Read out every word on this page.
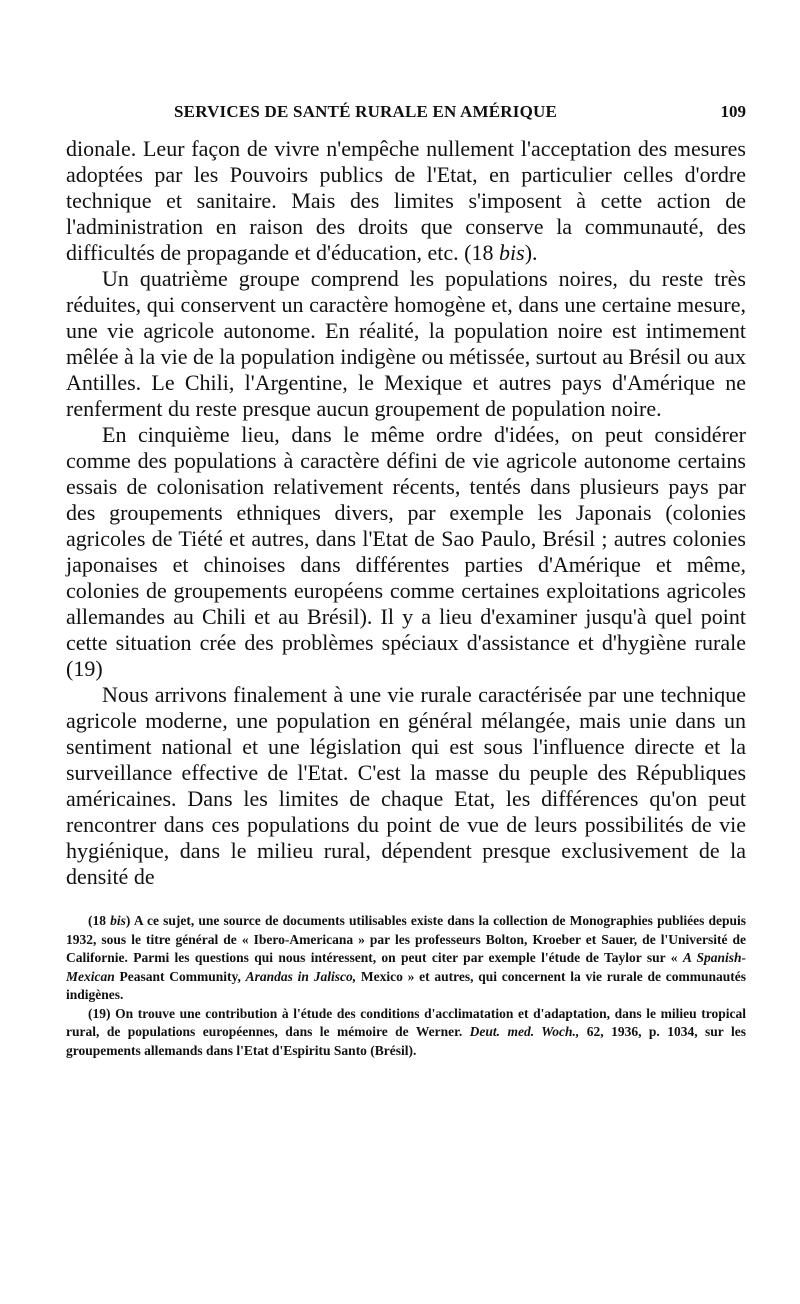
SERVICES DE SANTÉ RURALE EN AMÉRIQUE	109

dionale. Leur façon de vivre n'empêche nullement l'acceptation des mesures adoptées par les Pouvoirs publics de l'Etat, en particulier celles d'ordre technique et sanitaire. Mais des limites s'imposent à cette action de l'administration en raison des droits que conserve la communauté, des difficultés de propagande et d'éducation, etc. (18 bis).

Un quatrième groupe comprend les populations noires, du reste très réduites, qui conservent un caractère homogène et, dans une certaine mesure, une vie agricole autonome. En réalité, la population noire est intimement mêlée à la vie de la population indigène ou métissée, surtout au Brésil ou aux Antilles. Le Chili, l'Argentine, le Mexique et autres pays d'Amérique ne renferment du reste presque aucun groupement de population noire.

En cinquième lieu, dans le même ordre d'idées, on peut considérer comme des populations à caractère défini de vie agricole autonome certains essais de colonisation relativement récents, tentés dans plusieurs pays par des groupements ethniques divers, par exemple les Japonais (colonies agricoles de Tiété et autres, dans l'Etat de Sao Paulo, Brésil ; autres colonies japonaises et chinoises dans différentes parties d'Amérique et même, colonies de groupements européens comme certaines exploitations agricoles allemandes au Chili et au Brésil). Il y a lieu d'examiner jusqu'à quel point cette situation crée des problèmes spéciaux d'assistance et d'hygiène rurale (19)

Nous arrivons finalement à une vie rurale caractérisée par une technique agricole moderne, une population en général mélangée, mais unie dans un sentiment national et une législation qui est sous l'influence directe et la surveillance effective de l'Etat. C'est la masse du peuple des Républiques américaines. Dans les limites de chaque Etat, les différences qu'on peut rencontrer dans ces populations du point de vue de leurs possibilités de vie hygiénique, dans le milieu rural, dépendent presque exclusivement de la densité de

(18 bis) A ce sujet, une source de documents utilisables existe dans la collection de Monographies publiées depuis 1932, sous le titre général de « Ibero-Americana » par les professeurs Bolton, Kroeber et Sauer, de l'Université de Californie. Parmi les questions qui nous intéressent, on peut citer par exemple l'étude de Taylor sur « A Spanish-Mexican Peasant Community, Arandas in Jalisco, Mexico » et autres, qui concernent la vie rurale de communautés indigènes.

(19) On trouve une contribution à l'étude des conditions d'acclimatation et d'adaptation, dans le milieu tropical rural, de populations européennes, dans le mémoire de Werner. Deut. med. Woch., 62, 1936, p. 1034, sur les groupements allemands dans l'Etat d'Espiritu Santo (Brésil).
